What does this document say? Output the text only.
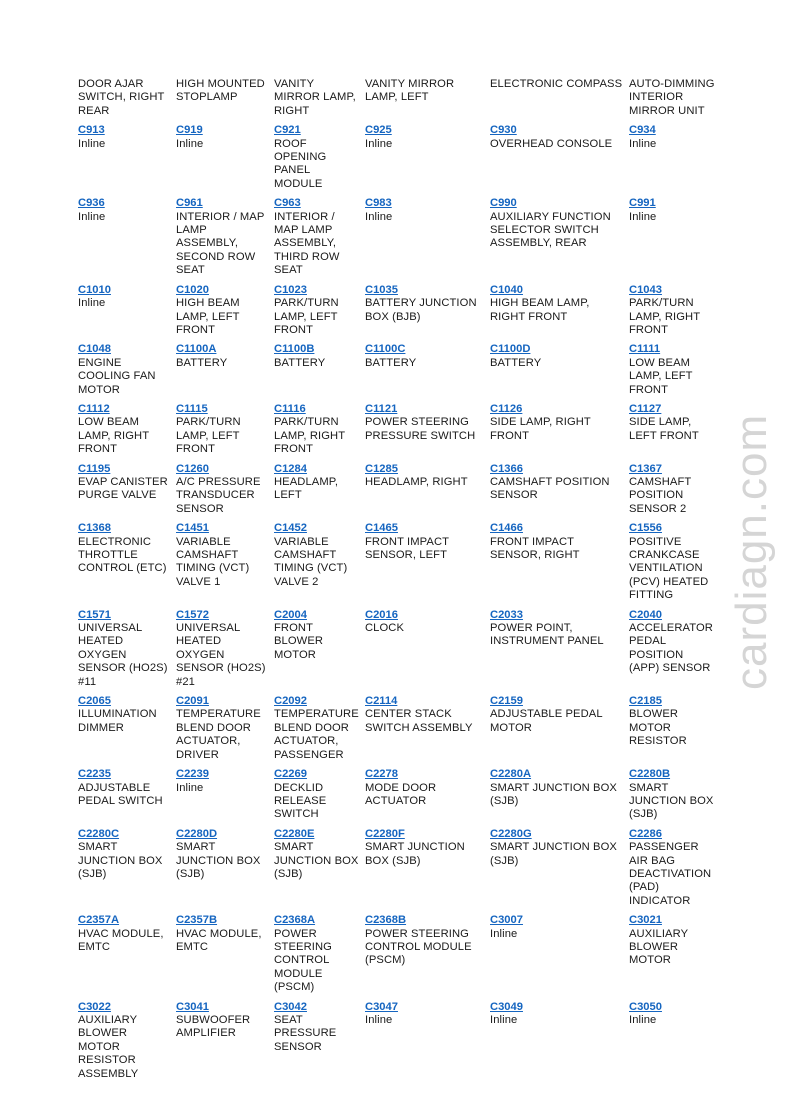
cardiagn.com
DOOR AJAR
SWITCH, RIGHT
REAR
HIGH MOUNTED
STOPLAMP
VANITY
MIRROR LAMP,
RIGHT
VANITY MIRROR
LAMP, LEFT
ELECTRONIC COMPASS AUTO-DIMMING
INTERIOR
MIRROR UNIT
C913
Inline
C919
Inline
C921
ROOF
OPENING
PANEL
MODULE
C925
Inline
C930
OVERHEAD CONSOLE
C934
Inline
C936
Inline
C961
INTERIOR / MAP
LAMP
ASSEMBLY,
SECOND ROW
SEAT
C963
INTERIOR /
MAP LAMP
ASSEMBLY,
THIRD ROW
SEAT
C983
Inline
C990
AUXILIARY FUNCTION
SELECTOR SWITCH
ASSEMBLY, REAR
C991
Inline
C1010
Inline
C1020
HIGH BEAM
LAMP, LEFT
FRONT
C1023
PARK/TURN
LAMP, LEFT
FRONT
C1035
BATTERY JUNCTION
BOX (BJB)
C1040
HIGH BEAM LAMP,
RIGHT FRONT
C1043
PARK/TURN
LAMP, RIGHT
FRONT
C1048
ENGINE
COOLING FAN
MOTOR
C1100A
BATTERY
C1100B
BATTERY
C1100C
BATTERY
C1100D
BATTERY
C1111
LOW BEAM
LAMP, LEFT
FRONT
C1112
LOW BEAM
LAMP, RIGHT
FRONT
C1115
PARK/TURN
LAMP, LEFT
FRONT
C1116
PARK/TURN
LAMP, RIGHT
FRONT
C1121
POWER STEERING
PRESSURE SWITCH
C1126
SIDE LAMP, RIGHT
FRONT
C1127
SIDE LAMP,
LEFT FRONT
C1195
EVAP CANISTER
PURGE VALVE
C1260
A/C PRESSURE
TRANSDUCER
SENSOR
C1284
HEADLAMP,
LEFT
C1285
HEADLAMP, RIGHT
C1366
CAMSHAFT POSITION
SENSOR
C1367
CAMSHAFT
POSITION
SENSOR 2
C1368
ELECTRONIC
THROTTLE
CONTROL (ETC)
C1451
VARIABLE
CAMSHAFT
TIMING (VCT)
VALVE 1
C1452
VARIABLE
CAMSHAFT
TIMING (VCT)
VALVE 2
C1465
FRONT IMPACT
SENSOR, LEFT
C1466
FRONT IMPACT
SENSOR, RIGHT
C1556
POSITIVE
CRANKCASE
VENTILATION
(PCV) HEATED
FITTING
C1571
UNIVERSAL
HEATED
OXYGEN
SENSOR (HO2S)
#11
C1572
UNIVERSAL
HEATED
OXYGEN
SENSOR (HO2S)
#21
C2004
FRONT
BLOWER
MOTOR
C2016
CLOCK
C2033
POWER POINT,
INSTRUMENT PANEL
C2040
ACCELERATOR
PEDAL
POSITION
(APP) SENSOR
C2065
ILLUMINATION
DIMMER
C2091
TEMPERATURE
BLEND DOOR
ACTUATOR,
DRIVER
C2092
TEMPERATURE
BLEND DOOR
ACTUATOR,
PASSENGER
C2114
CENTER STACK
SWITCH ASSEMBLY
C2159
ADJUSTABLE PEDAL
MOTOR
C2185
BLOWER
MOTOR
RESISTOR
C2235
ADJUSTABLE
PEDAL SWITCH
C2239
Inline
C2269
DECKLID
RELEASE
SWITCH
C2278
MODE DOOR
ACTUATOR
C2280A
SMART JUNCTION BOX
(SJB)
C2280B
SMART
JUNCTION BOX
(SJB)
C2280C
SMART
JUNCTION BOX
(SJB)
C2280D
SMART
JUNCTION BOX
(SJB)
C2280E
SMART
JUNCTION BOX
(SJB)
C2280F
SMART JUNCTION
BOX (SJB)
C2280G
SMART JUNCTION BOX
(SJB)
C2286
PASSENGER
AIR BAG
DEACTIVATION
(PAD)
INDICATOR
C2357A
HVAC MODULE,
EMTC
C2357B
HVAC MODULE,
EMTC
C2368A
POWER
STEERING
CONTROL
MODULE
(PSCM)
C2368B
POWER STEERING
CONTROL MODULE
(PSCM)
C3007
Inline
C3021
AUXILIARY
BLOWER
MOTOR
C3022
AUXILIARY
BLOWER
MOTOR
RESISTOR
ASSEMBLY
C3041
SUBWOOFER
AMPLIFIER
C3042
SEAT
PRESSURE
SENSOR
C3047
Inline
C3049
Inline
C3050
Inline
